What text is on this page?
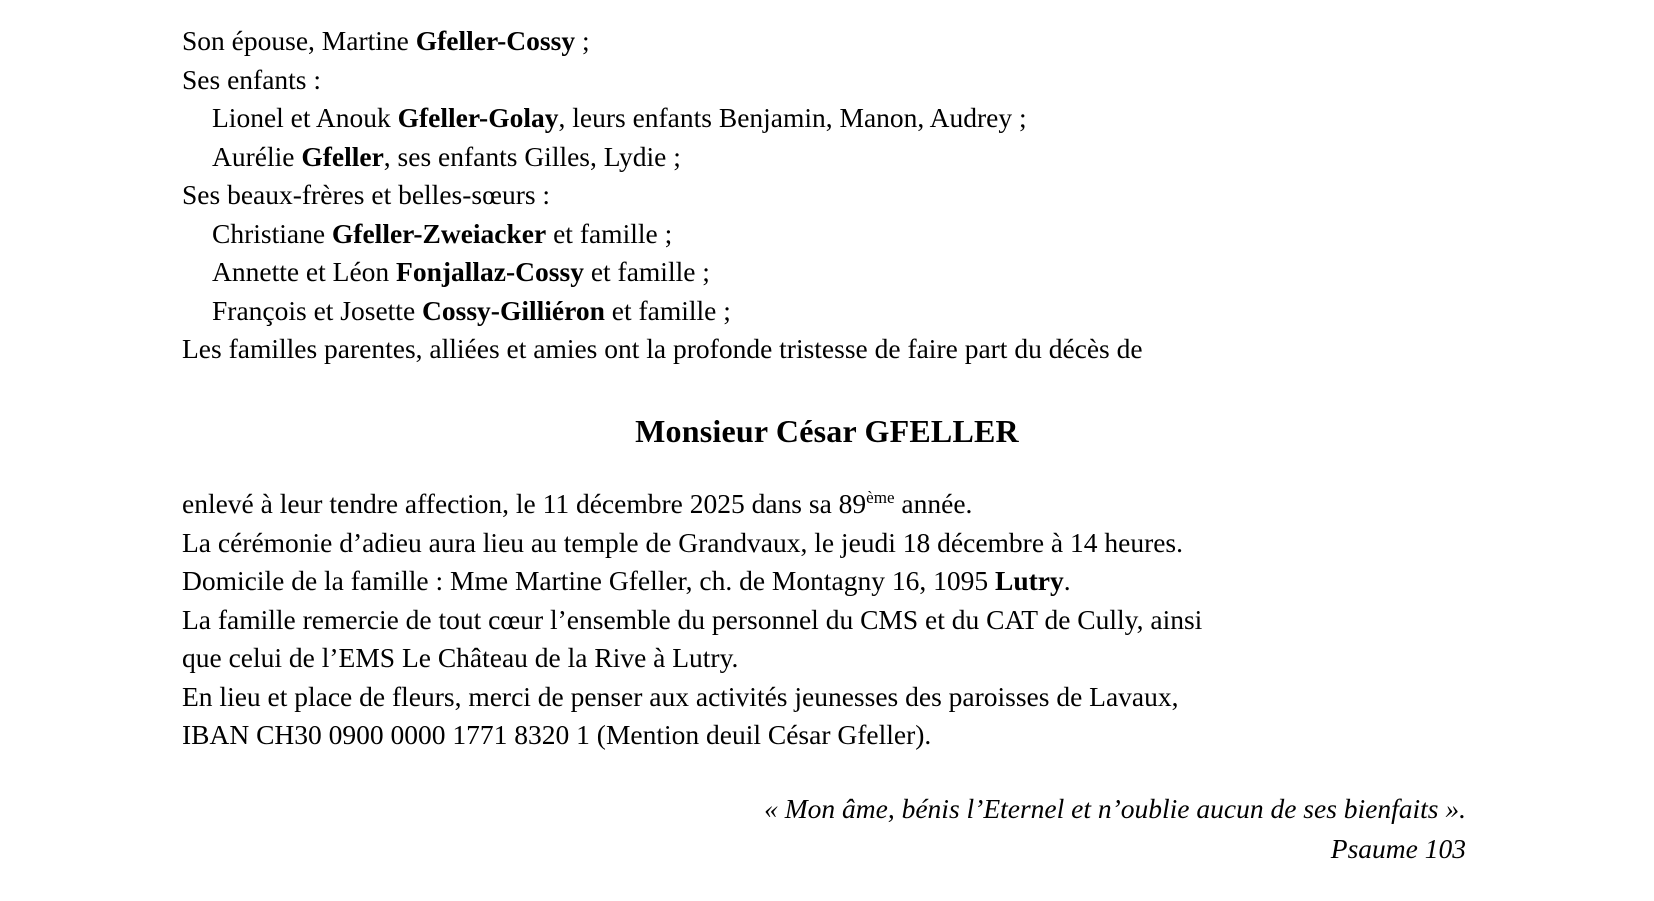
Son épouse, Martine Gfeller-Cossy ;
Ses enfants :
Lionel et Anouk Gfeller-Golay, leurs enfants Benjamin, Manon, Audrey ;
Aurélie Gfeller, ses enfants Gilles, Lydie ;
Ses beaux-frères et belles-sœurs :
Christiane Gfeller-Zweiacker et famille ;
Annette et Léon Fonjallaz-Cossy et famille ;
François et Josette Cossy-Gilliéron et famille ;
Les familles parentes, alliées et amies ont la profonde tristesse de faire part du décès de
Monsieur César GFELLER
enlevé à leur tendre affection, le 11 décembre 2025 dans sa 89ème année.
La cérémonie d’adieu aura lieu au temple de Grandvaux, le jeudi 18 décembre à 14 heures.
Domicile de la famille : Mme Martine Gfeller, ch. de Montagny 16, 1095 Lutry.
La famille remercie de tout cœur l’ensemble du personnel du CMS et du CAT de Cully, ainsi
que celui de l’EMS Le Château de la Rive à Lutry.
En lieu et place de fleurs, merci de penser aux activités jeunesses des paroisses de Lavaux,
IBAN CH30 0900 0000 1771 8320 1 (Mention deuil César Gfeller).
« Mon âme, bénis l’Eternel et n’oublie aucun de ses bienfaits ».
Psaume 103
